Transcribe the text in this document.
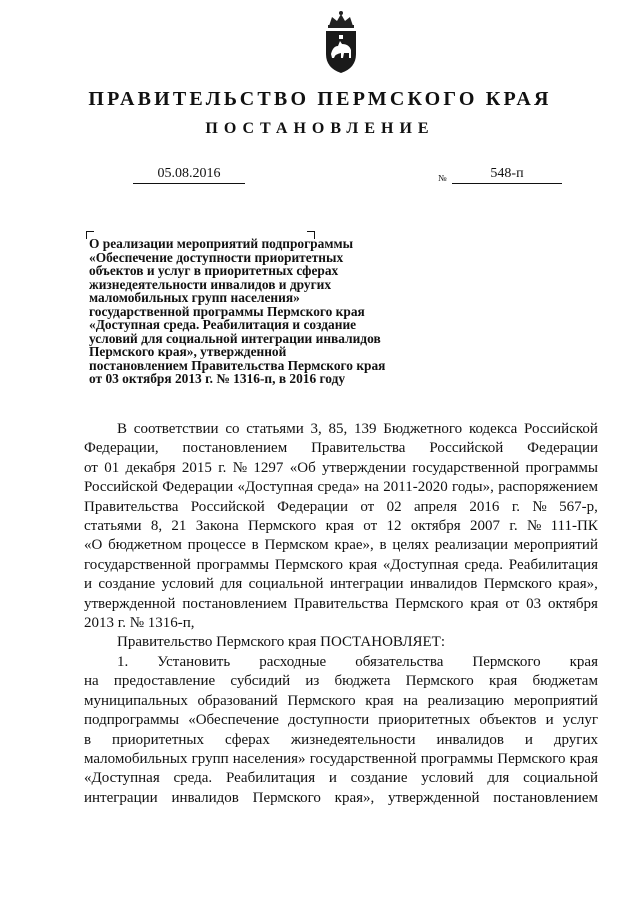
ПРАВИТЕЛЬСТВО ПЕРМСКОГО КРАЯ
ПОСТАНОВЛЕНИЕ
05.08.2016	№	548-п
О реализации мероприятий подпрограммы
«Обеспечение доступности приоритетных
объектов и услуг в приоритетных сферах
жизнедеятельности инвалидов и других
маломобильных групп населения»
государственной программы Пермского края
«Доступная среда. Реабилитация и создание
условий для социальной интеграции инвалидов
Пермского края», утвержденной
постановлением Правительства Пермского края
от 03 октября 2013 г. № 1316-п, в 2016 году
В соответствии со статьями 3, 85, 139 Бюджетного кодекса Российской
Федерации, постановлением Правительства Российской Федерации
от 01 декабря 2015 г. № 1297 «Об утверждении государственной программы
Российской Федерации «Доступная среда» на 2011-2020 годы», распоряжением
Правительства Российской Федерации от 02 апреля 2016 г. № 567-р,
статьями 8, 21 Закона Пермского края от 12 октября 2007 г. № 111-ПК
«О бюджетном процессе в Пермском крае», в целях реализации мероприятий
государственной программы Пермского края «Доступная среда. Реабилитация
и создание условий для социальной интеграции инвалидов Пермского края»,
утвержденной постановлением Правительства Пермского края от 03 октября
2013 г. № 1316-п,
Правительство Пермского края ПОСТАНОВЛЯЕТ:
1. Установить расходные обязательства Пермского края
на предоставление субсидий из бюджета Пермского края бюджетам
муниципальных образований Пермского края на реализацию мероприятий
подпрограммы «Обеспечение доступности приоритетных объектов и услуг
в приоритетных сферах жизнедеятельности инвалидов и других
маломобильных групп населения» государственной программы Пермского края
«Доступная среда. Реабилитация и создание условий для социальной
интеграции инвалидов Пермского края», утвержденной постановлением
